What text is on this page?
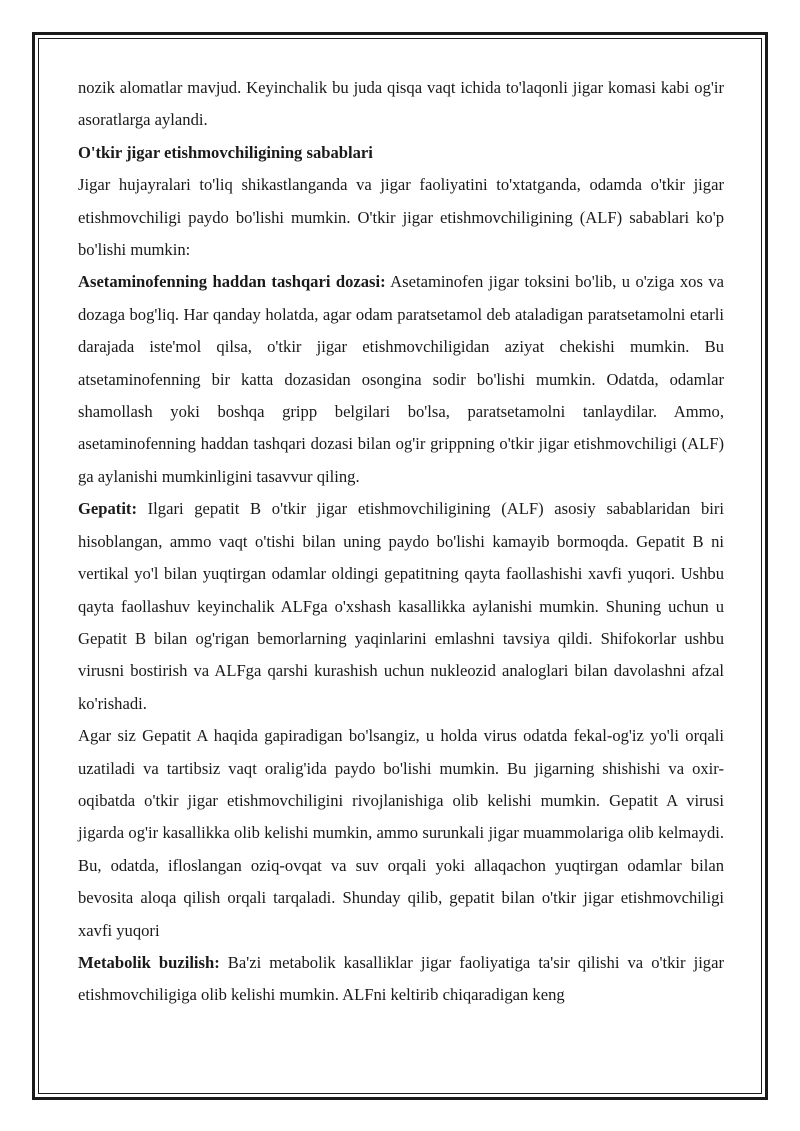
nozik alomatlar mavjud. Keyinchalik bu juda qisqa vaqt ichida to'laqonli jigar komasi kabi og'ir asoratlarga aylandi.

O'tkir jigar etishmovchiligining sabablari

Jigar hujayralari to'liq shikastlanganda va jigar faoliyatini to'xtatganda, odamda o'tkir jigar etishmovchiligi paydo bo'lishi mumkin. O'tkir jigar etishmovchiligining (ALF) sabablari ko'p bo'lishi mumkin:

Asetaminofenning haddan tashqari dozasi: Asetaminofen jigar toksini bo'lib, u o'ziga xos va dozaga bog'liq. Har qanday holatda, agar odam paratsetamol deb ataladigan paratsetamolni etarli darajada iste'mol qilsa, o'tkir jigar etishmovchiligidan aziyat chekishi mumkin. Bu atsetaminofenning bir katta dozasidan osongina sodir bo'lishi mumkin. Odatda, odamlar shamollash yoki boshqa gripp belgilari bo'lsa, paratsetamolni tanlaydilar. Ammo, asetaminofenning haddan tashqari dozasi bilan og'ir grippning o'tkir jigar etishmovchiligi (ALF) ga aylanishi mumkinligini tasavvur qiling.

Gepatit: Ilgari gepatit B o'tkir jigar etishmovchiligining (ALF) asosiy sabablaridan biri hisoblangan, ammo vaqt o'tishi bilan uning paydo bo'lishi kamayib bormoqda. Gepatit B ni vertikal yo'l bilan yuqtirgan odamlar oldingi gepatitning qayta faollashishi xavfi yuqori. Ushbu qayta faollashuv keyinchalik ALFga o'xshash kasallikka aylanishi mumkin. Shuning uchun u Gepatit B bilan og'rigan bemorlarning yaqinlarini emlashni tavsiya qildi. Shifokorlar ushbu virusni bostirish va ALFga qarshi kurashish uchun nukleozid analoglari bilan davolashni afzal ko'rishadi.

Agar siz Gepatit A haqida gapiradigan bo'lsangiz, u holda virus odatda fekal-og'iz yo'li orqali uzatiladi va tartibsiz vaqt oralig'ida paydo bo'lishi mumkin. Bu jigarning shishishi va oxir-oqibatda o'tkir jigar etishmovchiligini rivojlanishiga olib kelishi mumkin. Gepatit A virusi jigarda og'ir kasallikka olib kelishi mumkin, ammo surunkali jigar muammolariga olib kelmaydi. Bu, odatda, ifloslangan oziq-ovqat va suv orqali yoki allaqachon yuqtirgan odamlar bilan bevosita aloqa qilish orqali tarqaladi. Shunday qilib, gepatit bilan o'tkir jigar etishmovchiligi xavfi yuqori

Metabolik buzilish: Ba'zi metabolik kasalliklar jigar faoliyatiga ta'sir qilishi va o'tkir jigar etishmovchiligiga olib kelishi mumkin. ALFni keltirib chiqaradigan keng
